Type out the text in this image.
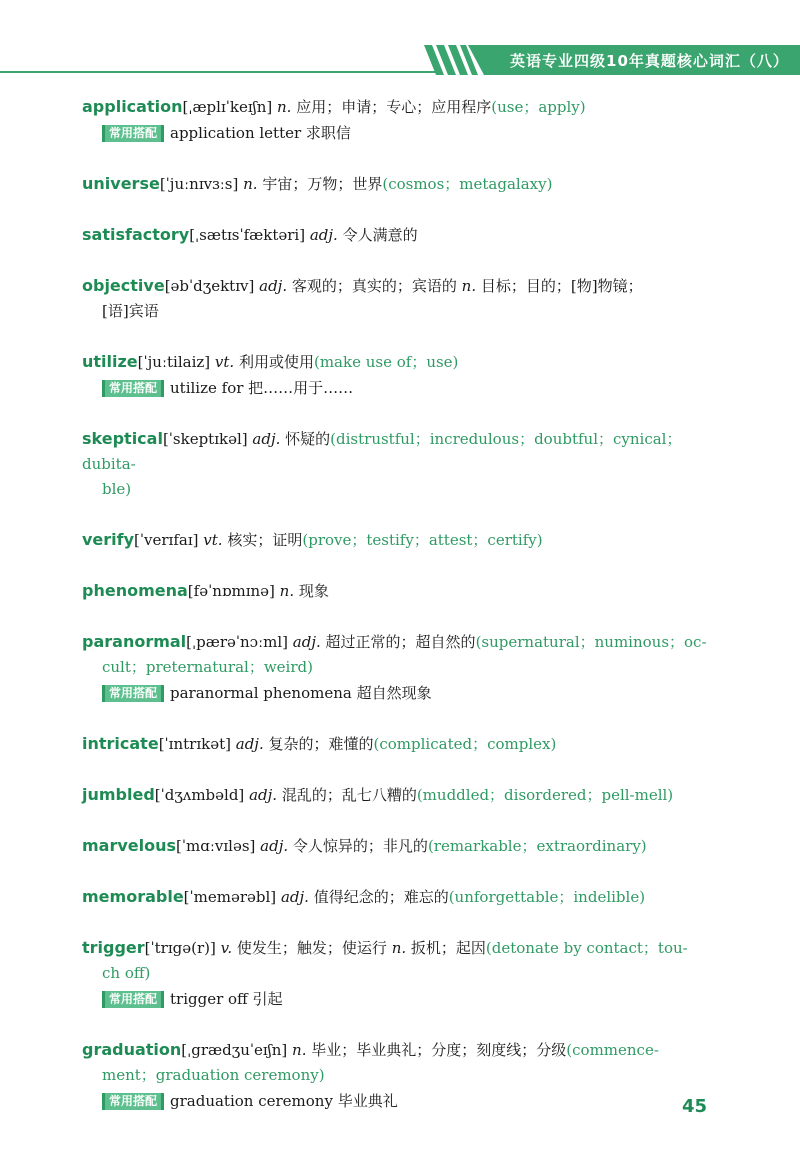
英语专业四级10年真题核心词汇（八）
application[ˌæplɪˈkeɪʃn] n. 应用；申请；专心；应用程序(use；apply)
常用搭配 application letter 求职信
universe[ˈjuːnɪvɜːs] n. 宇宙；万物；世界(cosmos；metagalaxy)
satisfactory[ˌsætɪsˈfæktəri] adj. 令人满意的
objective[əbˈdʒektɪv] adj. 客观的；真实的；宾语的 n. 目标；目的；[物]物镜；
[语]宾语
utilize[ˈjuːtilaiz] vt. 利用或使用(make use of；use)
常用搭配 utilize for 把……用于……
skeptical[ˈskeptɪkəl] adj. 怀疑的(distrustful；incredulous；doubtful；cynical；dubita-
ble)
verify[ˈverɪfaɪ] vt. 核实；证明(prove；testify；attest；certify)
phenomena[fəˈnɒmɪnə] n. 现象
paranormal[ˌpærəˈnɔːml] adj. 超过正常的；超自然的(supernatural；numinous；oc-
cult；preternatural；weird)
常用搭配 paranormal phenomena 超自然现象
intricate[ˈɪntrɪkət] adj. 复杂的；难懂的(complicated；complex)
jumbled[ˈdʒʌmbəld] adj. 混乱的；乱七八糟的(muddled；disordered；pell-mell)
marvelous[ˈmɑːvɪləs] adj. 令人惊异的；非凡的(remarkable；extraordinary)
memorable[ˈmemərəbl] adj. 值得纪念的；难忘的(unforgettable；indelible)
trigger[ˈtrɪgə(r)] v. 使发生；触发；使运行 n. 扳机；起因(detonate by contact；tou-
ch off)
常用搭配 trigger off 引起
graduation[ˌgrædʒuˈeɪʃn] n. 毕业；毕业典礼；分度；刻度线；分级(commence-
ment；graduation ceremony)
常用搭配 graduation ceremony 毕业典礼	45
